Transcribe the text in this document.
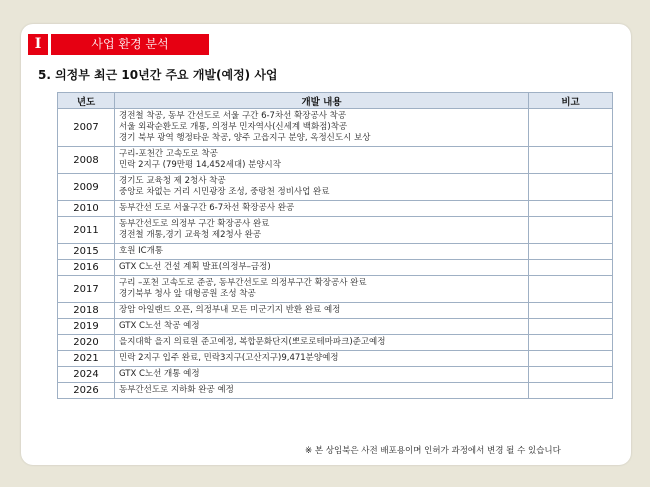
I	사업 환경 분석
5. 의정부 최근 10년간 주요 개발(예정) 사업
년도	개발 내용	비고
2007	경전철 착공, 동부 간선도로 서울 구간 6-7차선 확장공사 착공
서울 외곽순환도로 개통, 의정부 민자역사(신세계 백화점)착공
경기 북부 광역 행정타운 착공, 양주 고읍지구 분양, 옥정신도시 보상	

2008	구리-포천간 고속도로 착공
민락 2지구 (79만평 14,452세대) 분양시작	

2009	경기도 교육청 제 2청사 착공
중앙로 차없는 거리 시민광장 조성, 중랑천 정비사업 완료	

2010	동부간선 도로 서울구간 6-7차선 확장공사 완공	

2011	동부간선도로 의정부 구간 확장공사 완료
경전철 개통,경기 교육청 제2청사 완공	

2015	호원 IC개통	

2016	GTX C노선 건설 계획 발표(의정부–금정)	

2017	구리 –포천 고속도로 준공, 동부간선도로 의정부구간 확장공사 완료
경기북부 청사 앞 대형공원 조성 착공	

2018	장암 아일랜드 오픈, 의정부내 모든 미군기지 반환 완료 예정	

2019	GTX C노선 착공 예정	

2020	을지대학 을지 의료원 준고예정, 복합문화단지(뽀로로테마파크)준고예정	

2021	민락 2지구 입주 완료, 민락3지구(고산지구)9,471분양예정	

2024	GTX C노선 개통 예정	

2026	동부간선도로 지하화 완공 예정	

※ 본 상임북은 사전 배포용이며 인허가 과정에서 변경 될 수 있습니다
